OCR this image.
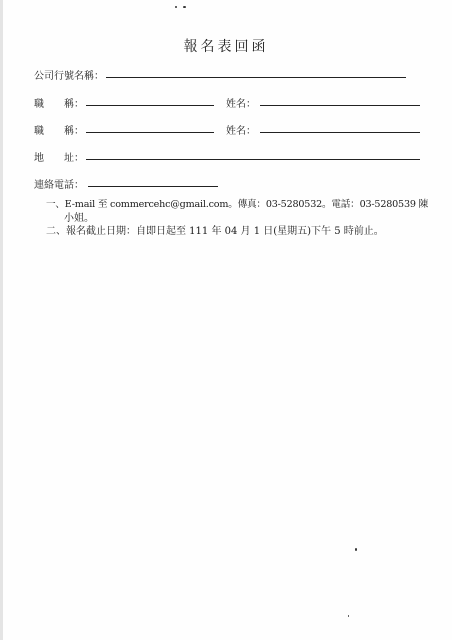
報名表回函
公司行號名稱：
職　　稱：	姓名：
職　　稱：	姓名：
地　　址：
連絡電話：
一、E-mail 至 commercehc@gmail.com。傳真：03-5280532。電話：03-5280539 陳
小姐。
二、報名截止日期：自即日起至 111 年 04 月 1 日(星期五)下午 5 時前止。
